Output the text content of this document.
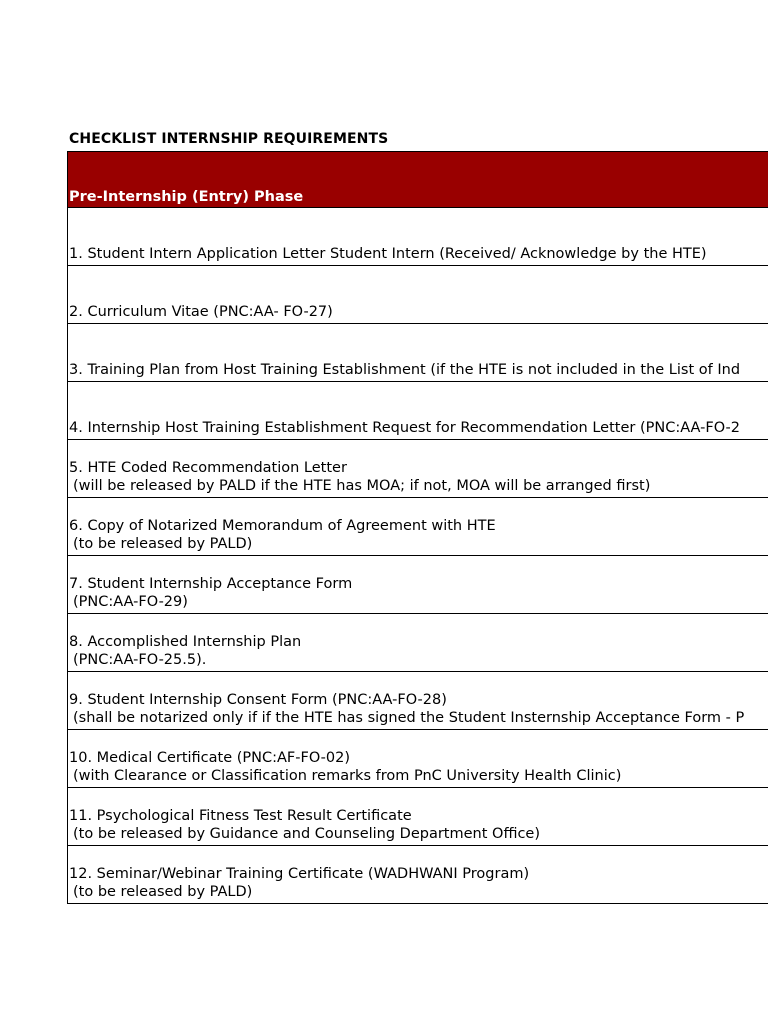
CHECKLIST INTERNSHIP REQUIREMENTS
Pre-Internship (Entry) Phase
1. Student Intern Application Letter Student Intern (Received/ Acknowledge by the HTE)
2. Curriculum Vitae (PNC:AA- FO-27)
3. Training Plan from Host Training Establishment (if the HTE is not included in the List of Ind
4. Internship Host Training Establishment Request for Recommendation Letter (PNC:AA-FO-2
5. HTE Coded Recommendation Letter
(will be released by PALD if the HTE has MOA; if not, MOA will be arranged first)
6. Copy of Notarized Memorandum of Agreement with HTE
(to be released by PALD)
7. Student Internship Acceptance Form
(PNC:AA-FO-29)
8. Accomplished Internship Plan
(PNC:AA-FO-25.5).
9. Student Internship Consent Form (PNC:AA-FO-28)
(shall be notarized only if if the HTE has signed the Student Insternship Acceptance Form - P
10. Medical Certificate (PNC:AF-FO-02)
(with Clearance or Classification remarks from PnC University Health Clinic)
11. Psychological Fitness Test Result Certificate
(to be released by Guidance and Counseling Department Office)
12. Seminar/Webinar Training Certificate (WADHWANI Program)
(to be released by PALD)
